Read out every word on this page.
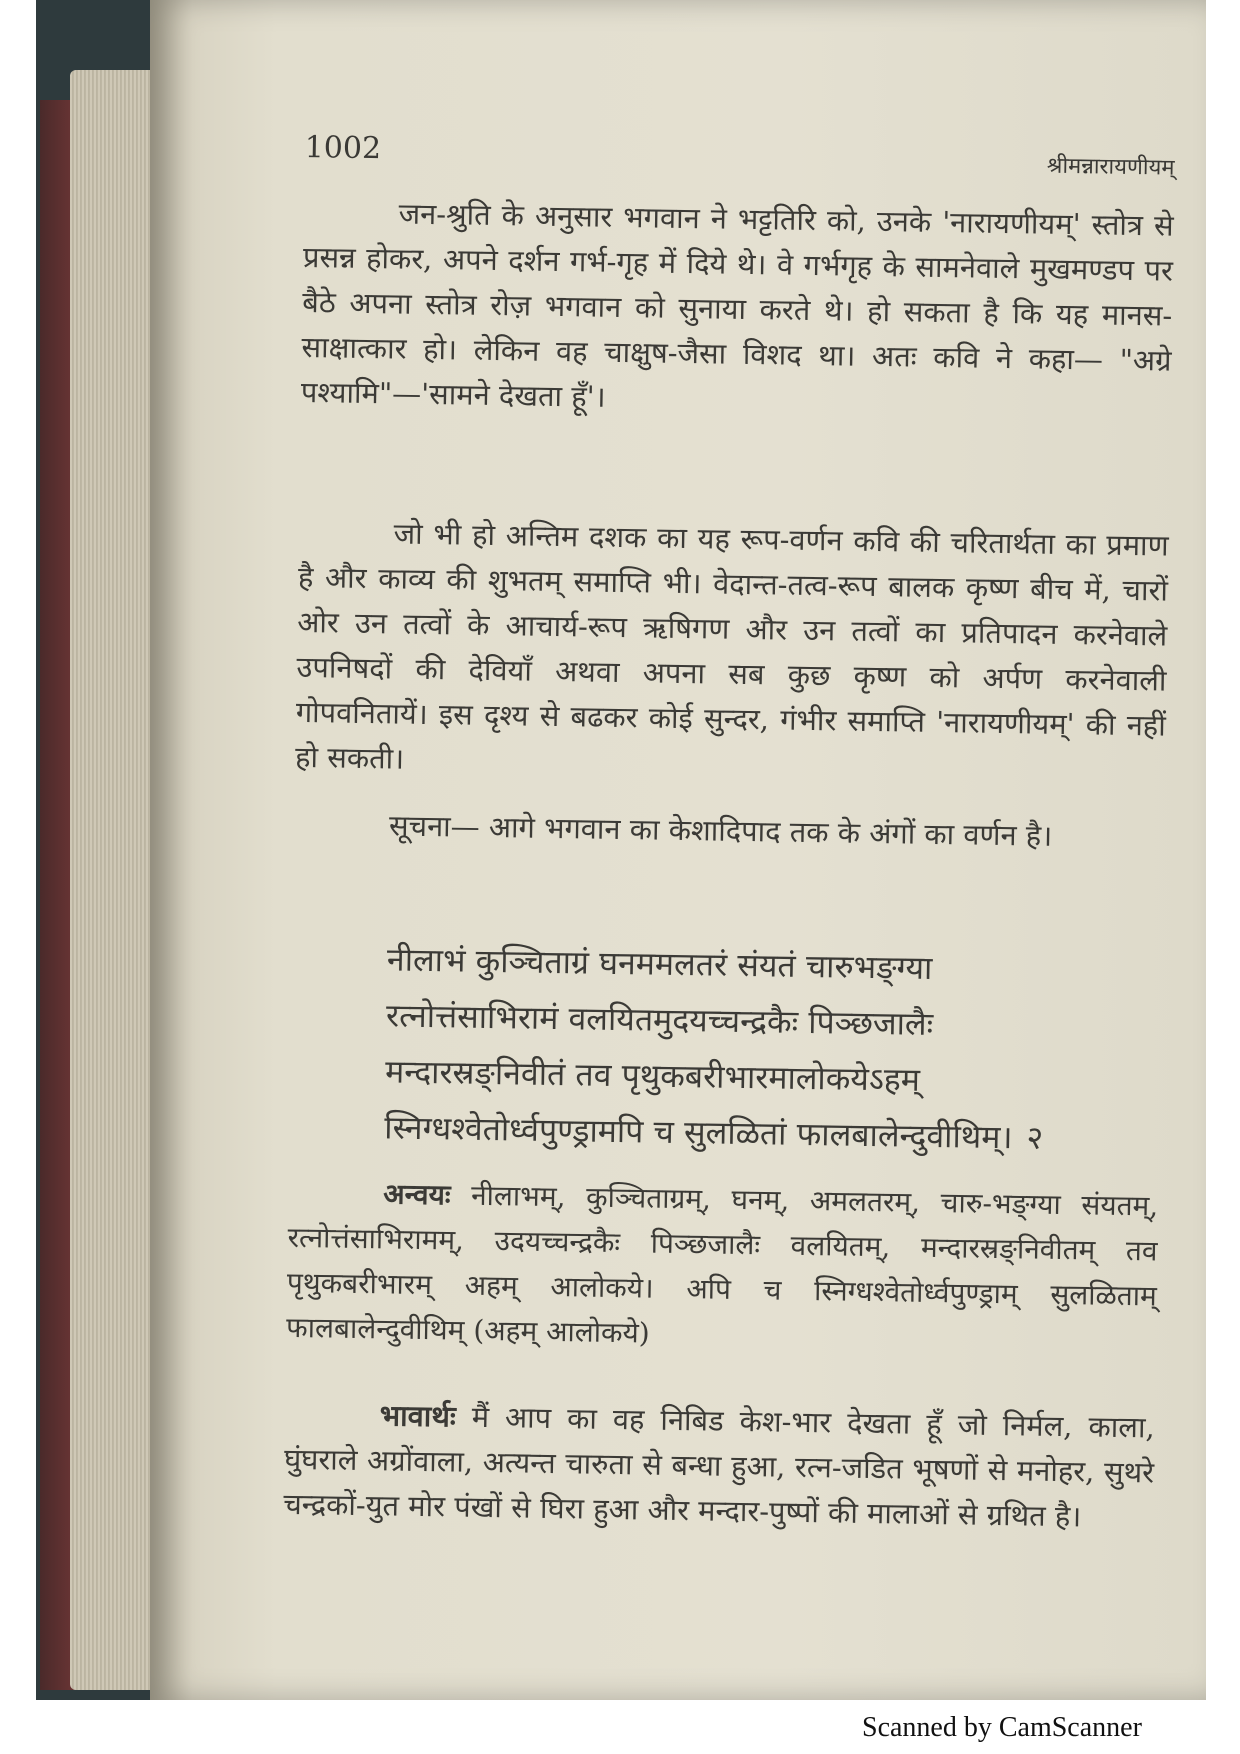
1002
श्रीमन्नारायणीयम्

जन-श्रुति के अनुसार भगवान ने भट्टतिरि को, उनके 'नारायणीयम्' स्तोत्र से प्रसन्न होकर, अपने दर्शन गर्भ-गृह में दिये थे। वे गर्भगृह के सामनेवाले मुखमण्डप पर बैठे अपना स्तोत्र रोज़ भगवान को सुनाया करते थे। हो सकता है कि यह मानस-साक्षात्कार हो। लेकिन वह चाक्षुष-जैसा विशद था। अतः कवि ने कहा— "अग्रे पश्यामि"—'सामने देखता हूँ'।

जो भी हो अन्तिम दशक का यह रूप-वर्णन कवि की चरितार्थता का प्रमाण है और काव्य की शुभतम् समाप्ति भी। वेदान्त-तत्व-रूप बालक कृष्ण बीच में, चारों ओर उन तत्वों के आचार्य-रूप ऋषिगण और उन तत्वों का प्रतिपादन करनेवाले उपनिषदों की देवियाँ अथवा अपना सब कुछ कृष्ण को अर्पण करनेवाली गोपवनितायें। इस दृश्य से बढकर कोई सुन्दर, गंभीर समाप्ति 'नारायणीयम्' की नहीं हो सकती।

सूचना— आगे भगवान का केशादिपाद तक के अंगों का वर्णन है।

नीलाभं कुञ्चिताग्रं घनममलतरं संयतं चारुभङ्ग्या
रत्नोत्तंसाभिरामं वलयितमुदयच्चन्द्रकैः पिञ्छजालैः
मन्दारस्रङ्निवीतं तव पृथुकबरीभारमालोकयेऽहम्
स्निग्धश्वेतोर्ध्वपुण्ड्रामपि च सुलळितां फालबालेन्दुवीथिम्। २

अन्वयः नीलाभम्, कुञ्चिताग्रम्, घनम्, अमलतरम्, चारु-भङ्ग्या संयतम्, रत्नोत्तंसाभिरामम्, उदयच्चन्द्रकैः पिञ्छजालैः वलयितम्, मन्दारस्रङ्निवीतम् तव पृथुकबरीभारम् अहम् आलोकये। अपि च स्निग्धश्वेतोर्ध्वपुण्ड्राम् सुलळिताम् फालबालेन्दुवीथिम् (अहम् आलोकये)

भावार्थः मैं आप का वह निबिड केश-भार देखता हूँ जो निर्मल, काला, घुंघराले अग्रोंवाला, अत्यन्त चारुता से बन्धा हुआ, रत्न-जडित भूषणों से मनोहर, सुथरे चन्द्रकों-युत मोर पंखों से घिरा हुआ और मन्दार-पुष्पों की मालाओं से ग्रथित है।

Scanned by CamScanner
